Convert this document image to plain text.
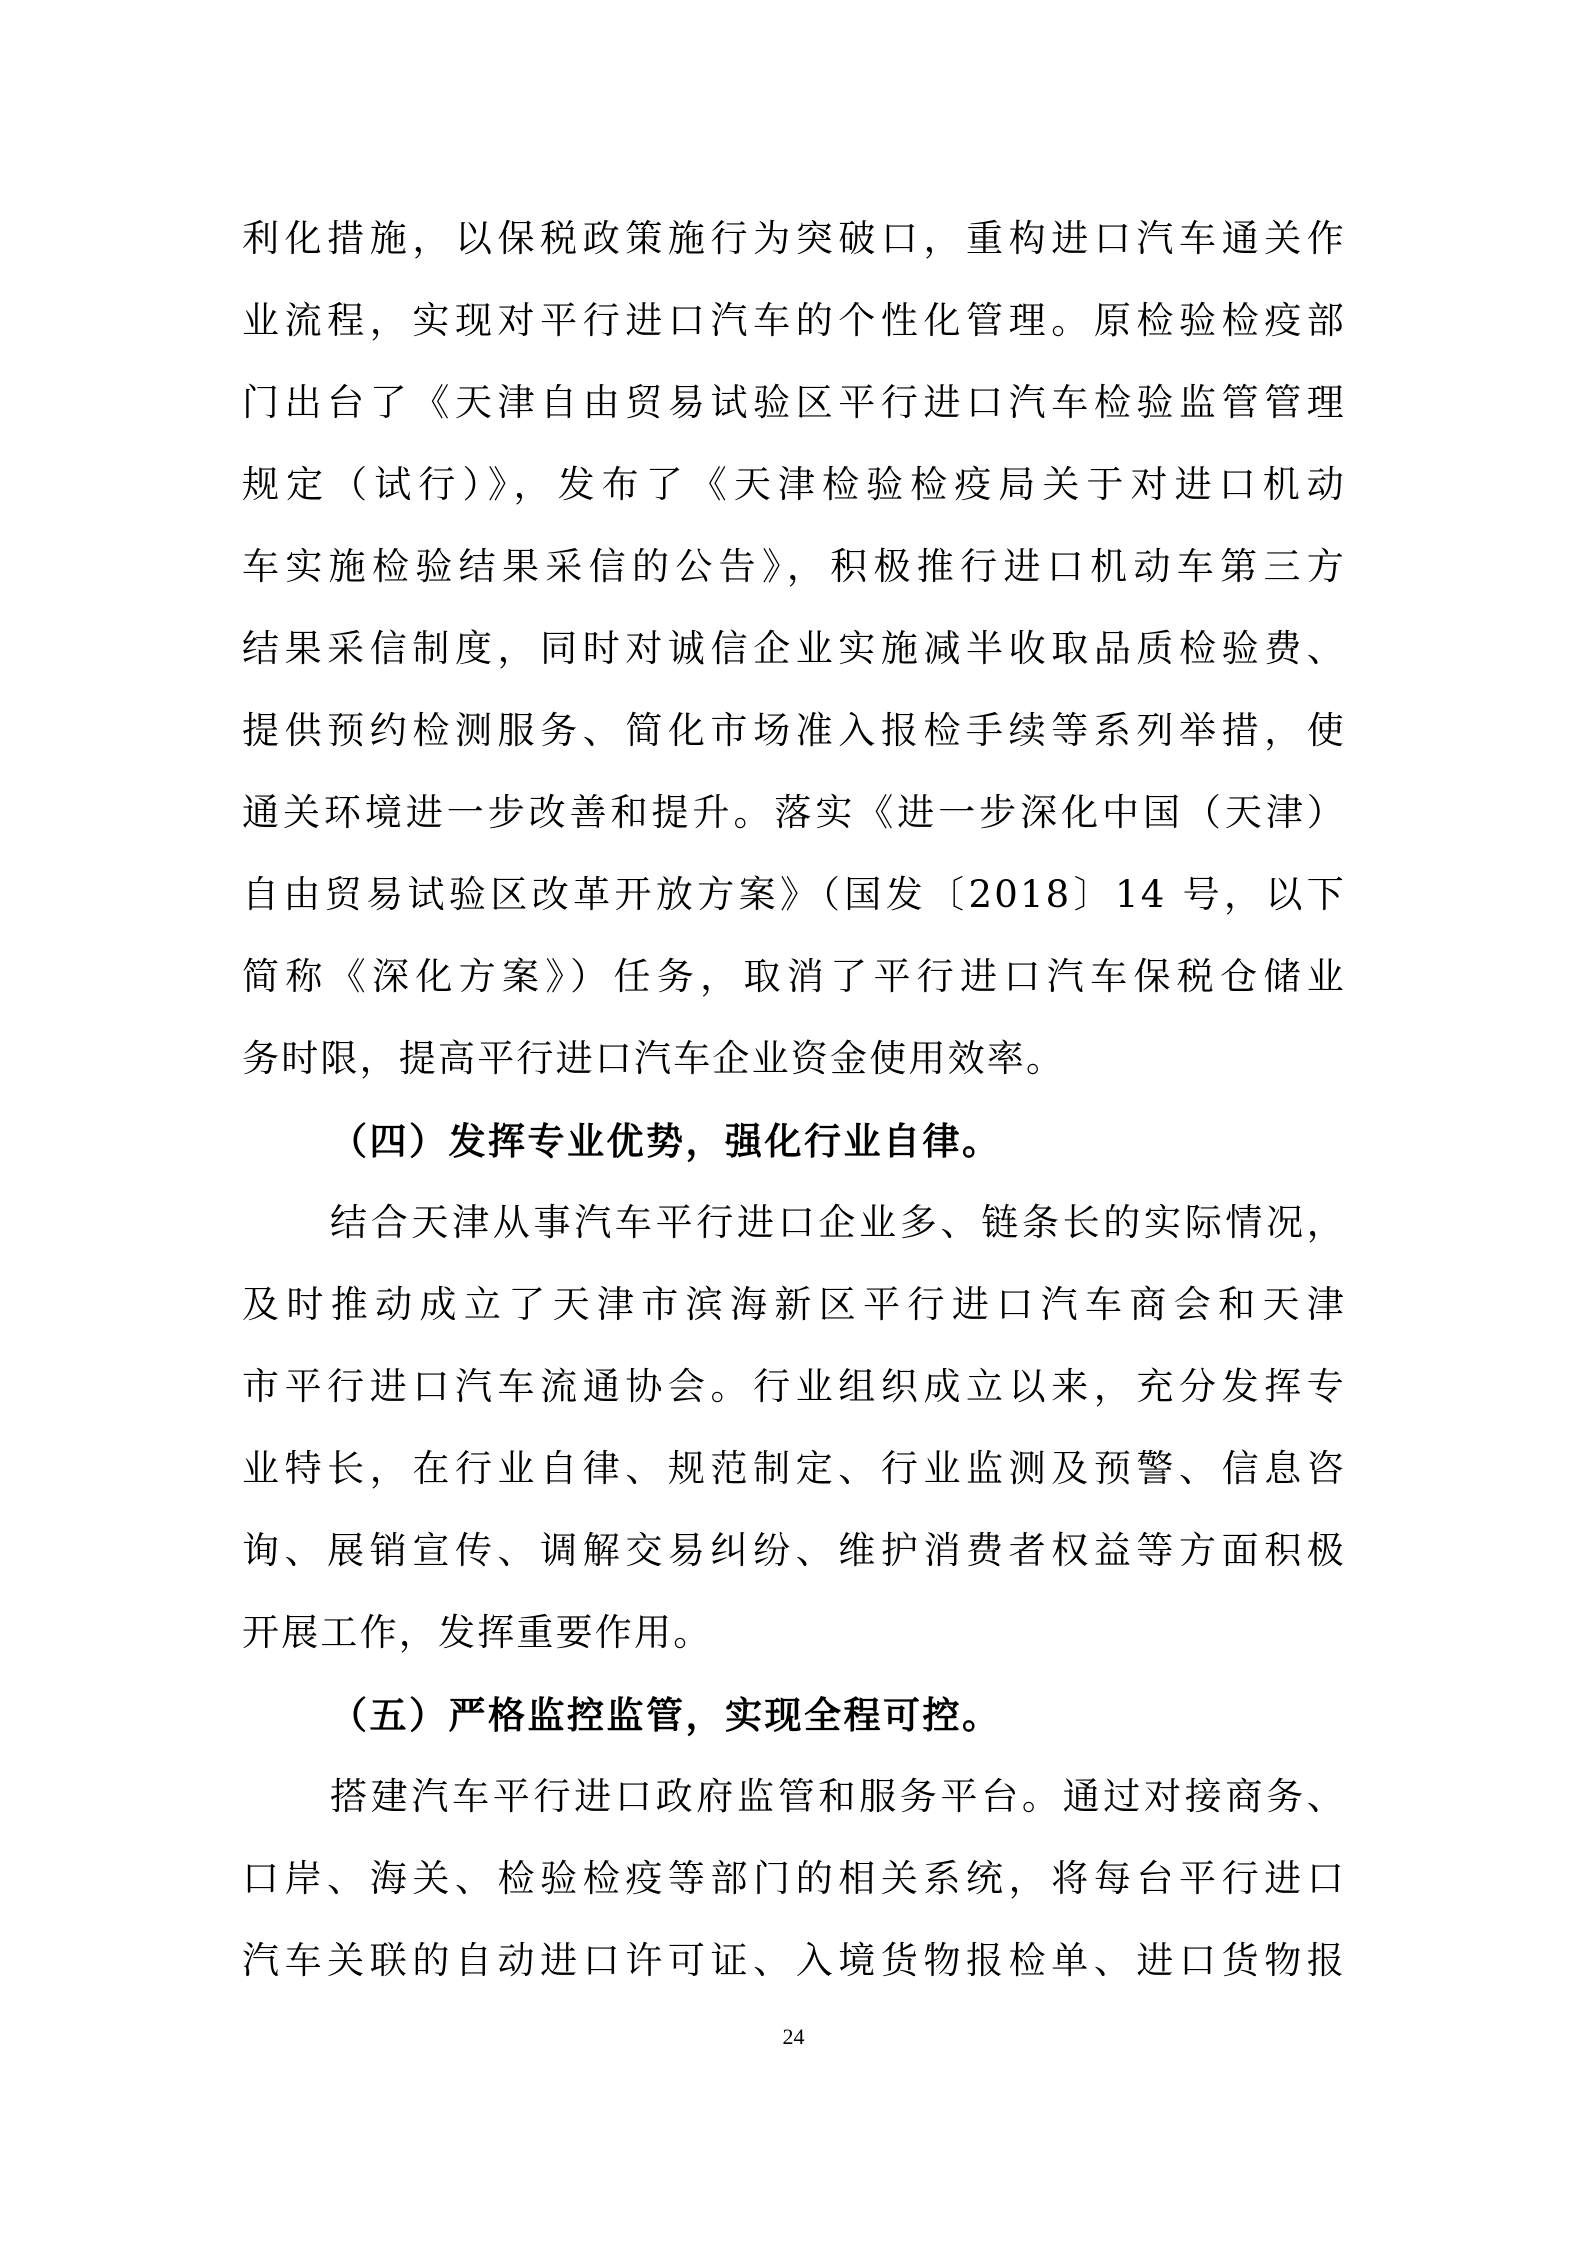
利化措施，以保税政策施行为突破口，重构进口汽车通关作
业流程，实现对平行进口汽车的个性化管理。原检验检疫部
门出台了《天津自由贸易试验区平行进口汽车检验监管管理
规定（试行）》，发布了《天津检验检疫局关于对进口机动
车实施检验结果采信的公告》，积极推行进口机动车第三方
结果采信制度，同时对诚信企业实施减半收取品质检验费、
提供预约检测服务、简化市场准入报检手续等系列举措，使
通关环境进一步改善和提升。落实《进一步深化中国（天津）
自由贸易试验区改革开放方案》（国发〔2018〕14 号，以下
简称《深化方案》）任务，取消了平行进口汽车保税仓储业
务时限，提高平行进口汽车企业资金使用效率。
（四）发挥专业优势，强化行业自律。
结合天津从事汽车平行进口企业多、链条长的实际情况，
及时推动成立了天津市滨海新区平行进口汽车商会和天津
市平行进口汽车流通协会。行业组织成立以来，充分发挥专
业特长，在行业自律、规范制定、行业监测及预警、信息咨
询、展销宣传、调解交易纠纷、维护消费者权益等方面积极
开展工作，发挥重要作用。
（五）严格监控监管，实现全程可控。
搭建汽车平行进口政府监管和服务平台。通过对接商务、
口岸、海关、检验检疫等部门的相关系统，将每台平行进口
汽车关联的自动进口许可证、入境货物报检单、进口货物报
24
